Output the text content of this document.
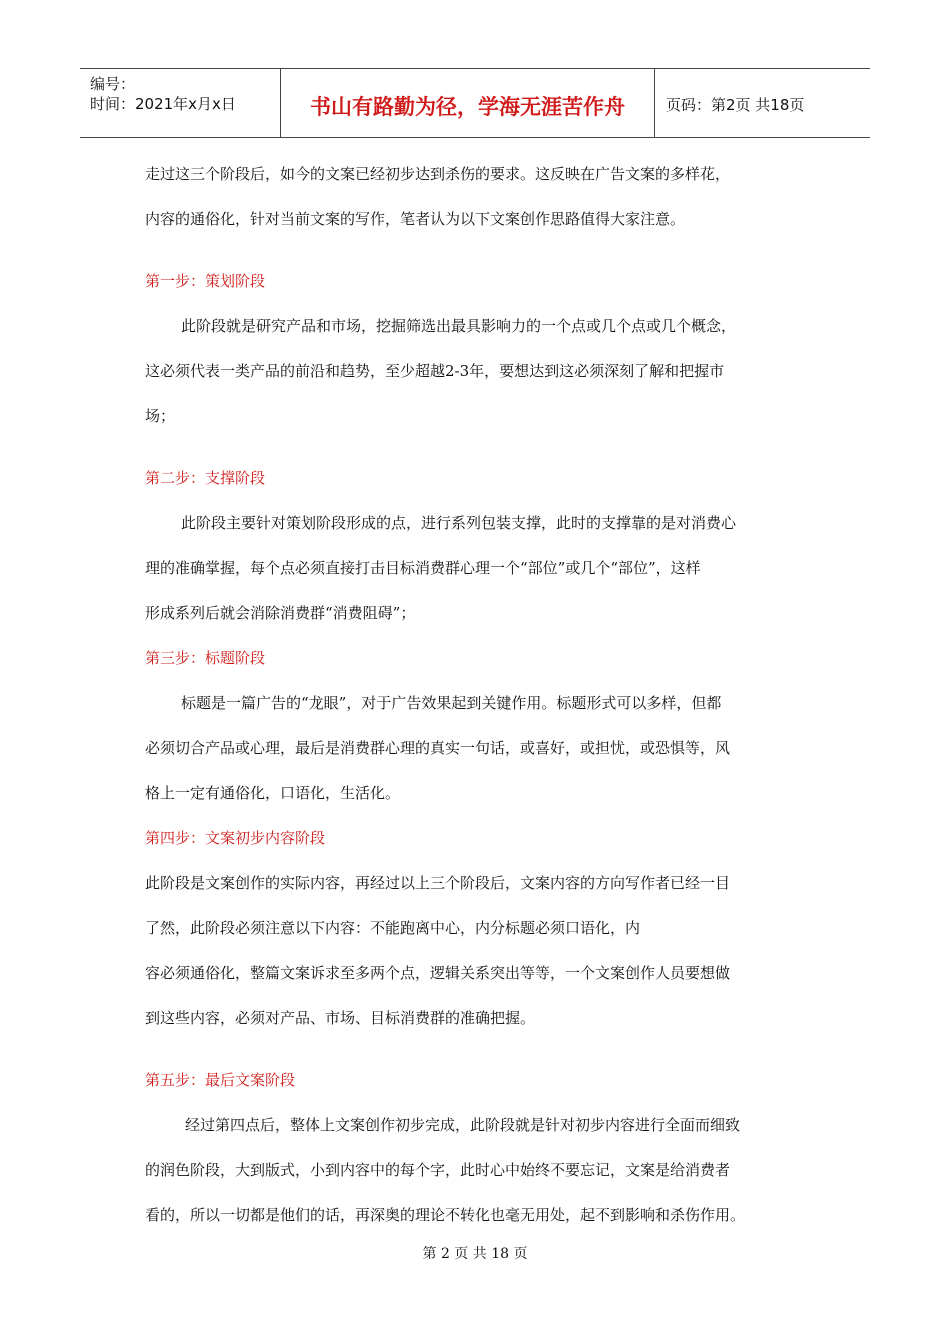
编号：
时间：2021年x月x日	书山有路勤为径，学海无涯苦作舟	页码：第2页 共18页

走过这三个阶段后，如今的文案已经初步达到杀伤的要求。这反映在广告文案的多样花，

内容的通俗化，针对当前文案的写作，笔者认为以下文案创作思路值得大家注意。

第一步：策划阶段

此阶段就是研究产品和市场，挖掘筛选出最具影响力的一个点或几个点或几个概念，

这必须代表一类产品的前沿和趋势，至少超越2-3年，要想达到这必须深刻了解和把握市

场；

第二步：支撑阶段

此阶段主要针对策划阶段形成的点，进行系列包装支撑，此时的支撑靠的是对消费心

理的准确掌握，每个点必须直接打击目标消费群心理一个“部位”或几个“部位”，这样

形成系列后就会消除消费群“消费阻碍”；

第三步：标题阶段

标题是一篇广告的“龙眼”，对于广告效果起到关键作用。标题形式可以多样，但都

必须切合产品或心理，最后是消费群心理的真实一句话，或喜好，或担忧，或恐惧等，风

格上一定有通俗化，口语化，生活化。

第四步：文案初步内容阶段

此阶段是文案创作的实际内容，再经过以上三个阶段后，文案内容的方向写作者已经一目

了然，此阶段必须注意以下内容：不能跑离中心，内分标题必须口语化，内

容必须通俗化，整篇文案诉求至多两个点，逻辑关系突出等等，一个文案创作人员要想做

到这些内容，必须对产品、市场、目标消费群的准确把握。

第五步：最后文案阶段

经过第四点后，整体上文案创作初步完成，此阶段就是针对初步内容进行全面而细致

的润色阶段，大到版式，小到内容中的每个字，此时心中始终不要忘记，文案是给消费者

看的，所以一切都是他们的话，再深奥的理论不转化也毫无用处，起不到影响和杀伤作用。

第 2 页 共 18 页
